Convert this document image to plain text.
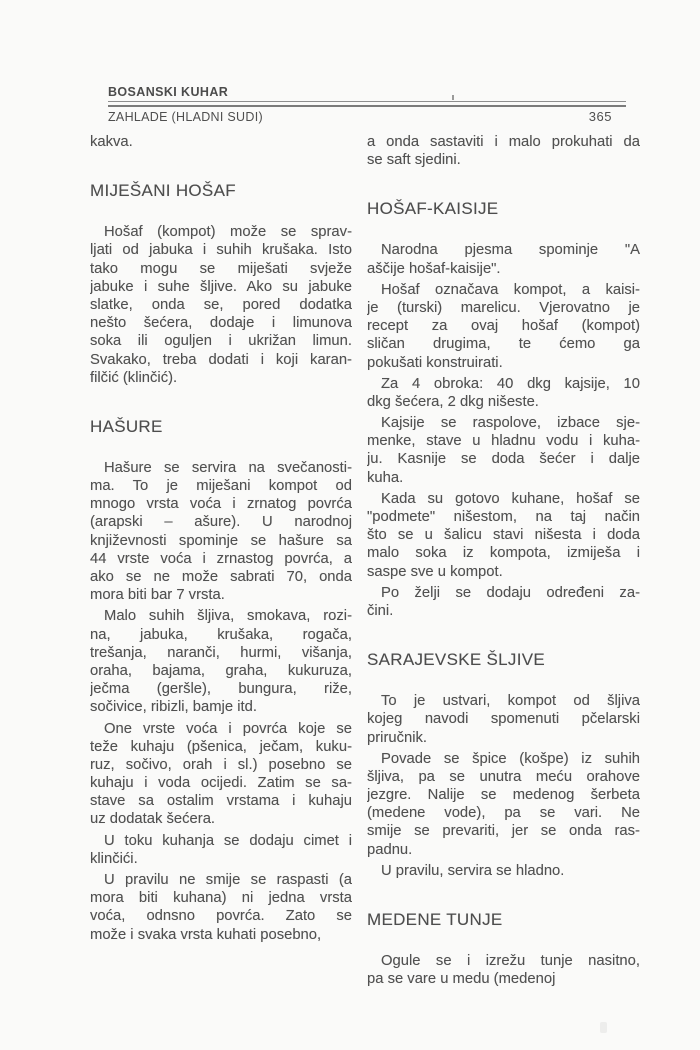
BOSANSKI KUHAR
ZAHLADE (HLADNI SUDI)	365
kakva.
MIJEŠANI HOŠAF
Hošaf (kompot) može se sprav-
ljati od jabuka i suhih krušaka. Isto
tako mogu se miješati svježe
jabuke i suhe šljive. Ako su jabuke
slatke, onda se, pored dodatka
nešto šećera, dodaje i limunova
soka ili oguljen i ukrižan limun.
Svakako, treba dodati i koji karan-
filčić (klinčić).
HAŠURE
Hašure se servira na svečanosti-
ma. To je miješani kompot od
mnogo vrsta voća i zrnatog povrća
(arapski – ašure). U narodnoj
književnosti spominje se hašure sa
44 vrste voća i zrnastog povrća, a
ako se ne može sabrati 70, onda
mora biti bar 7 vrsta.
Malo suhih šljiva, smokava, rozi-
na, jabuka, krušaka, rogača,
trešanja, naranči, hurmi, višanja,
oraha, bajama, graha, kukuruza,
ječma (geršle), bungura, riže,
sočivice, ribizli, bamje itd.
One vrste voća i povrća koje se
teže kuhaju (pšenica, ječam, kuku-
ruz, sočivo, orah i sl.) posebno se
kuhaju i voda ocijedi. Zatim se sa-
stave sa ostalim vrstama i kuhaju
uz dodatak šećera.
U toku kuhanja se dodaju cimet i
klinčići.
U pravilu ne smije se raspasti (a
mora biti kuhana) ni jedna vrsta
voća, odnsno povrća. Zato se
može i svaka vrsta kuhati posebno,
a onda sastaviti i malo prokuhati da
se saft sjedini.
HOŠAF-KAISIJE
Narodna pjesma spominje "A
aščije hošaf-kaisije".
Hošaf označava kompot, a kaisi-
je (turski) marelicu. Vjerovatno je
recept za ovaj hošaf (kompot)
sličan drugima, te ćemo ga
pokušati konstruirati.
Za 4 obroka: 40 dkg kajsije, 10
dkg šećera, 2 dkg nišeste.
Kajsije se raspolove, izbace sje-
menke, stave u hladnu vodu i kuha-
ju. Kasnije se doda šećer i dalje
kuha.
Kada su gotovo kuhane, hošaf se
"podmete" nišestom, na taj način
što se u šalicu stavi nišesta i doda
malo soka iz kompota, izmiješa i
saspe sve u kompot.
Po želji se dodaju određeni za-
čini.
SARAJEVSKE ŠLJIVE
To je ustvari, kompot od šljiva
kojeg navodi spomenuti pčelarski
priručnik.
Povade se špice (košpe) iz suhih
šljiva, pa se unutra meću orahove
jezgre. Nalije se medenog šerbeta
(medene vode), pa se vari. Ne
smije se prevariti, jer se onda ras-
padnu.
U pravilu, servira se hladno.
MEDENE TUNJE
Ogule se i izrežu tunje nasitno,
pa se vare u medu (medenoj
